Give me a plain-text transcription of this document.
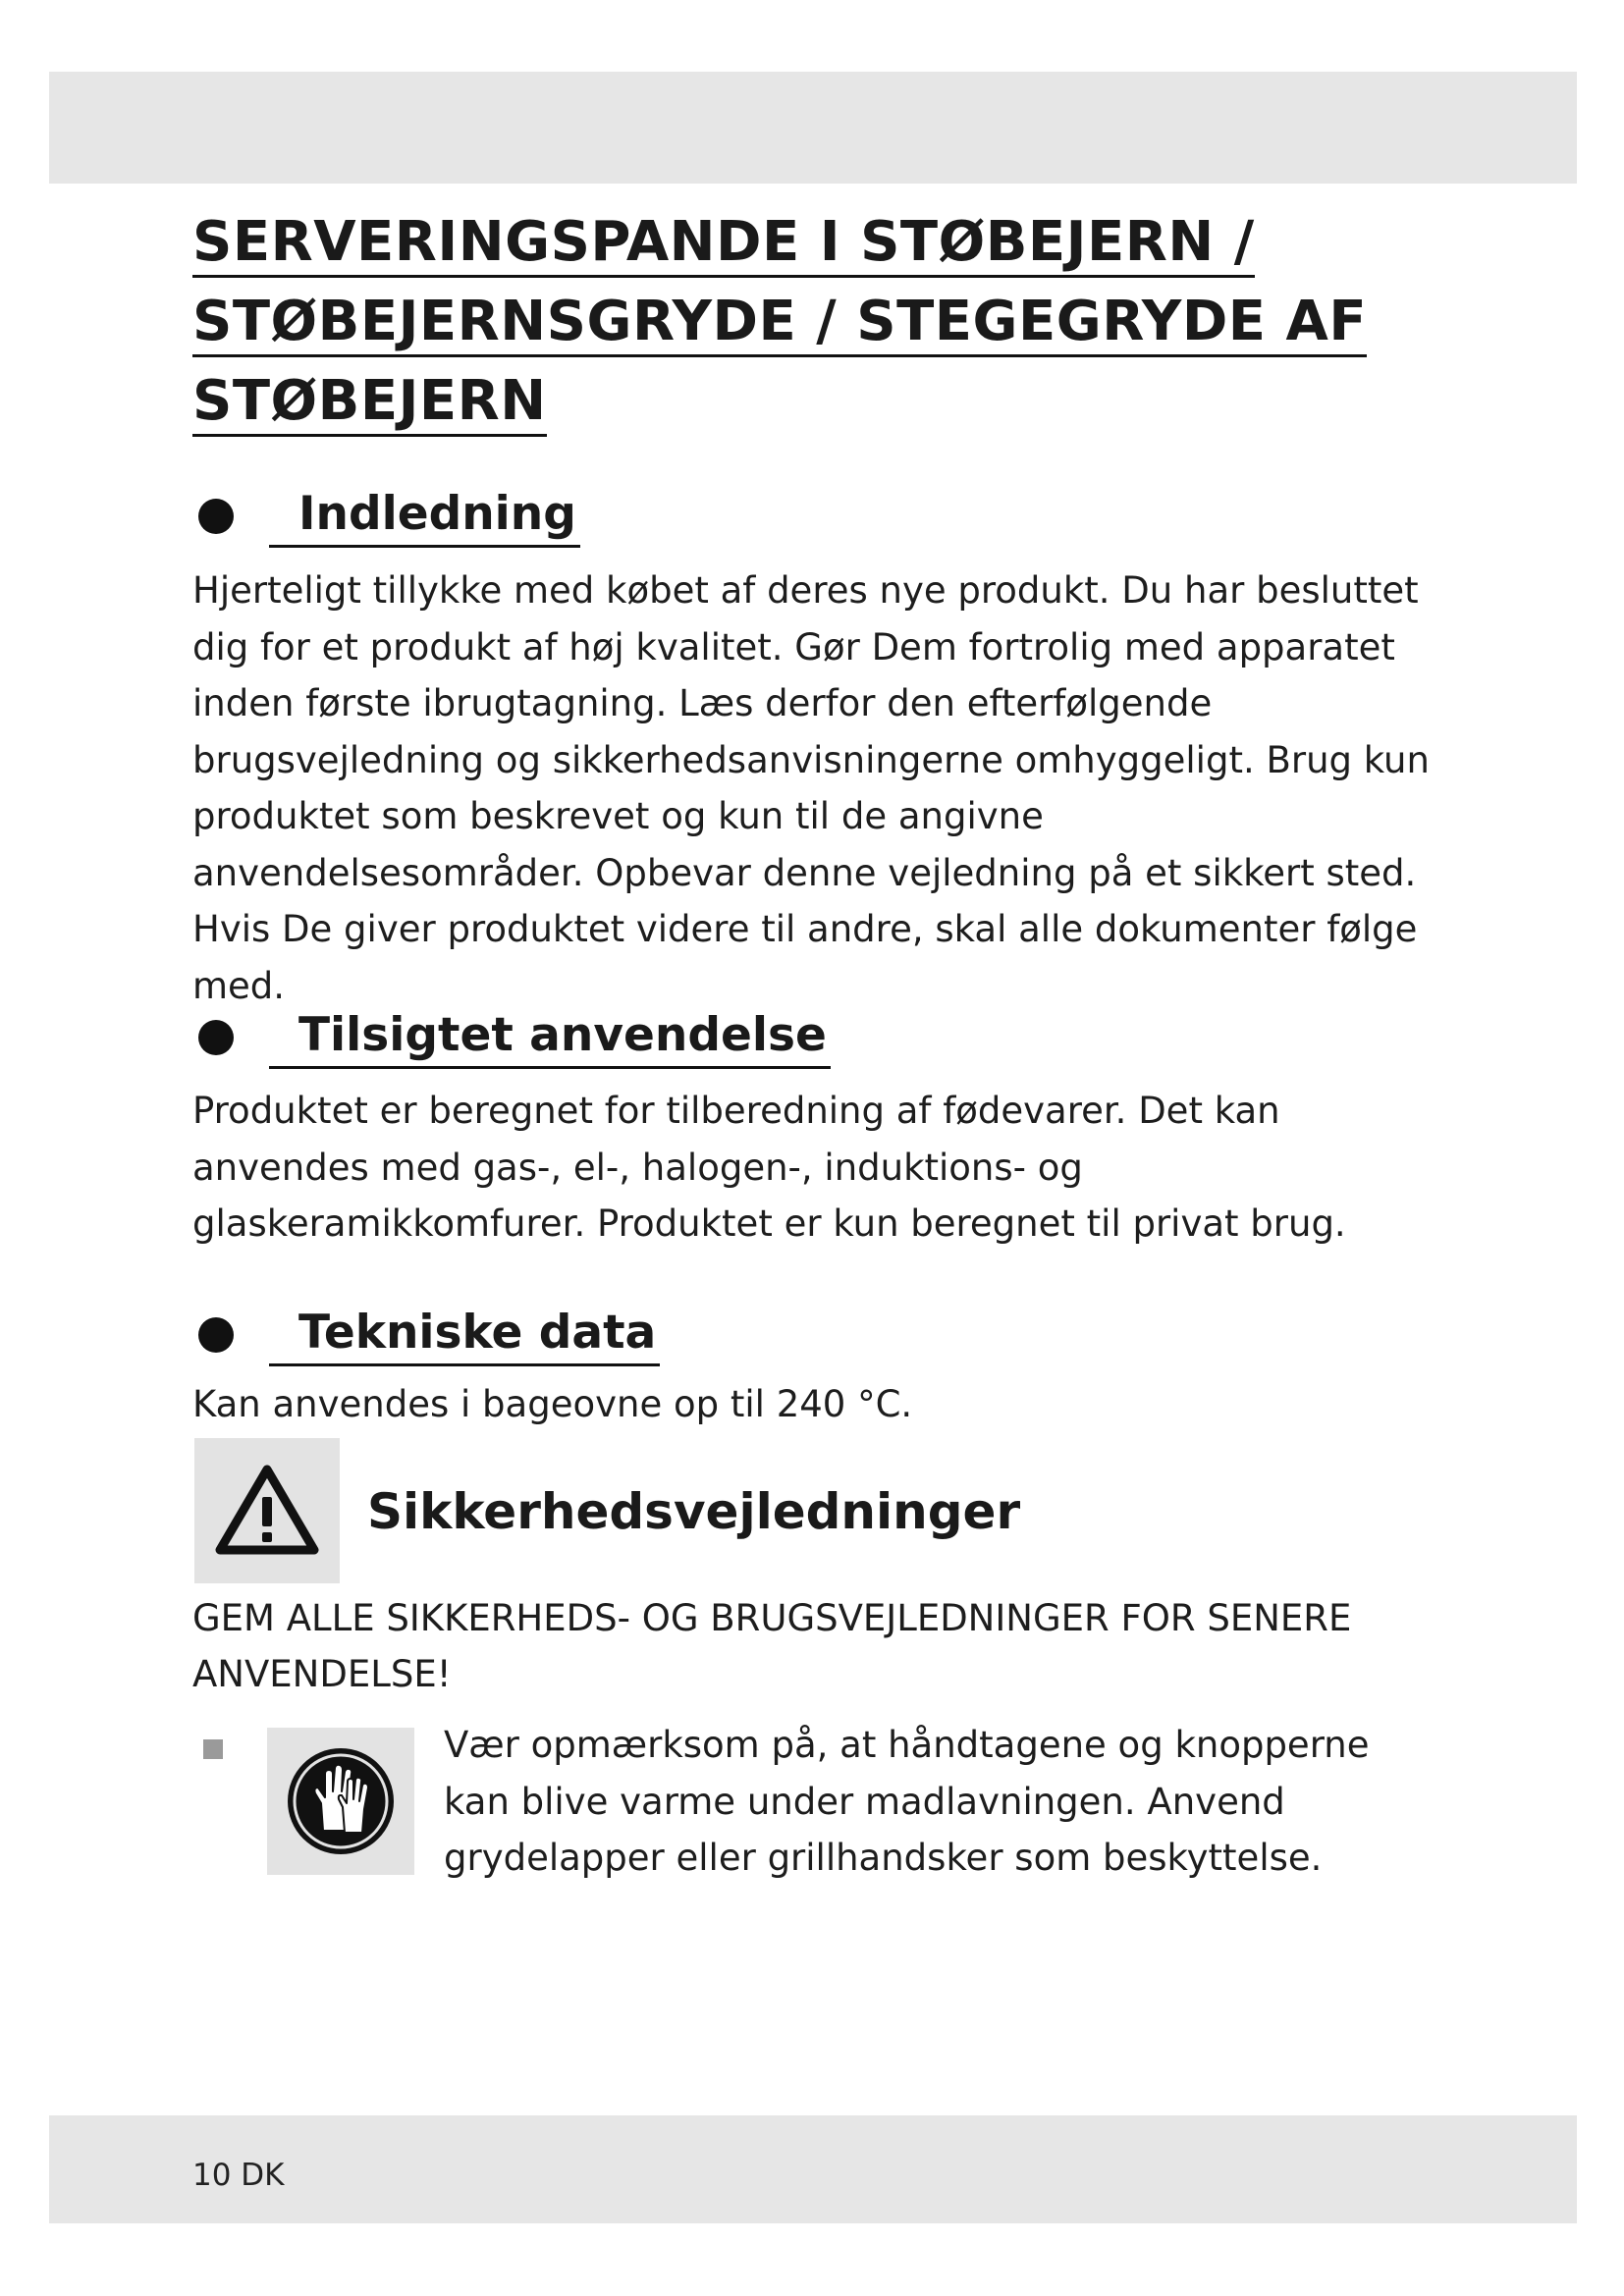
SERVERINGSPANDE I STØBEJERN /
STØBEJERNSGRYDE / STEGEGRYDE AF
STØBEJERN
Indledning

Hjerteligt tillykke med købet af deres nye produkt. Du har besluttet dig for et produkt af høj kvalitet. Gør Dem fortrolig med apparatet inden første ibrugtagning. Læs derfor den efterfølgende brugsvejledning og sikkerhedsanvisningerne omhyggeligt. Brug kun produktet som beskrevet og kun til de angivne anvendelsesområder. Opbevar denne vejledning på et sikkert sted. Hvis De giver produktet videre til andre, skal alle dokumenter følge med.

Tilsigtet anvendelse

Produktet er beregnet for tilberedning af fødevarer. Det kan anvendes med gas-, el-, halogen-, induktions- og glaskeramikkomfurer. Produktet er kun beregnet til privat brug.

Tekniske data

Kan anvendes i bageovne op til 240 °C.

Sikkerhedsvejledninger

GEM ALLE SIKKERHEDS- OG BRUGSVEJLEDNINGER FOR SENERE ANVENDELSE!

Vær opmærksom på, at håndtagene og knopperne kan blive varme under madlavningen. Anvend grydelapper eller grillhandsker som beskyttelse.

10 DK
